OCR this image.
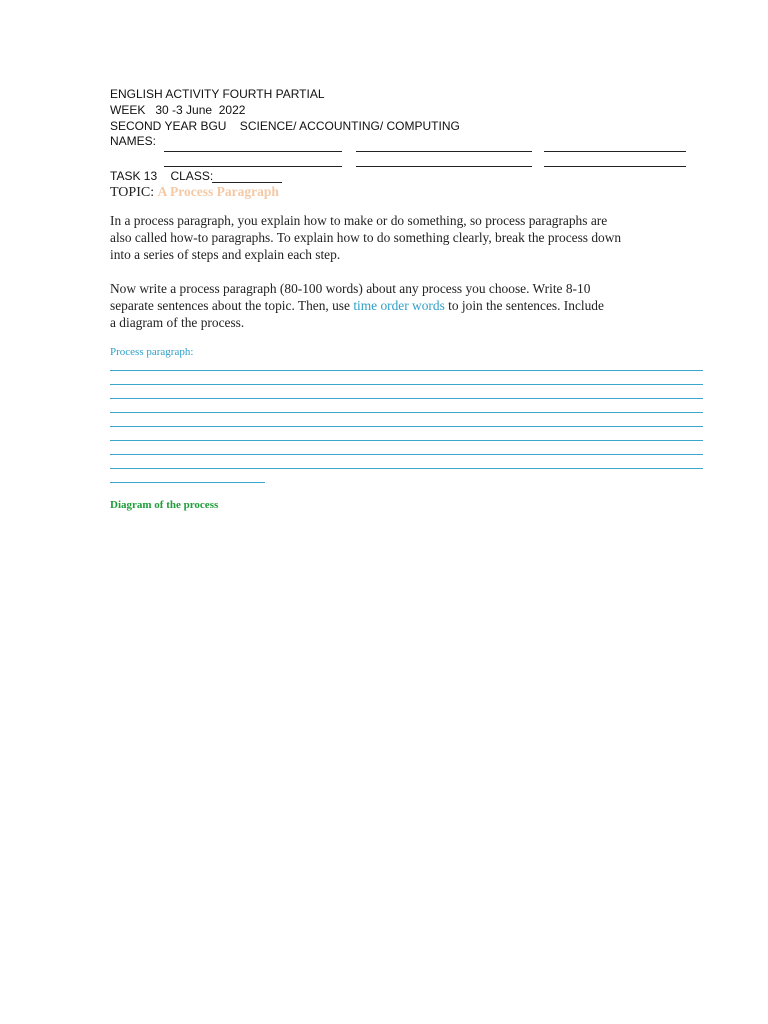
ENGLISH ACTIVITY FOURTH PARTIAL
WEEK   30 -3 June  2022
SECOND YEAR BGU    SCIENCE/ ACCOUNTING/ COMPUTING
NAMES:
TASK 13    CLASS:
TOPIC: A Process Paragraph
In a process paragraph, you explain how to make or do something, so process paragraphs are
also called how-to paragraphs. To explain how to do something clearly, break the process down
into a series of steps and explain each step.
Now write a process paragraph (80-100 words) about any process you choose. Write 8-10
separate sentences about the topic. Then, use time order words to join the sentences. Include
a diagram of the process.
Process paragraph:
Diagram of the process
